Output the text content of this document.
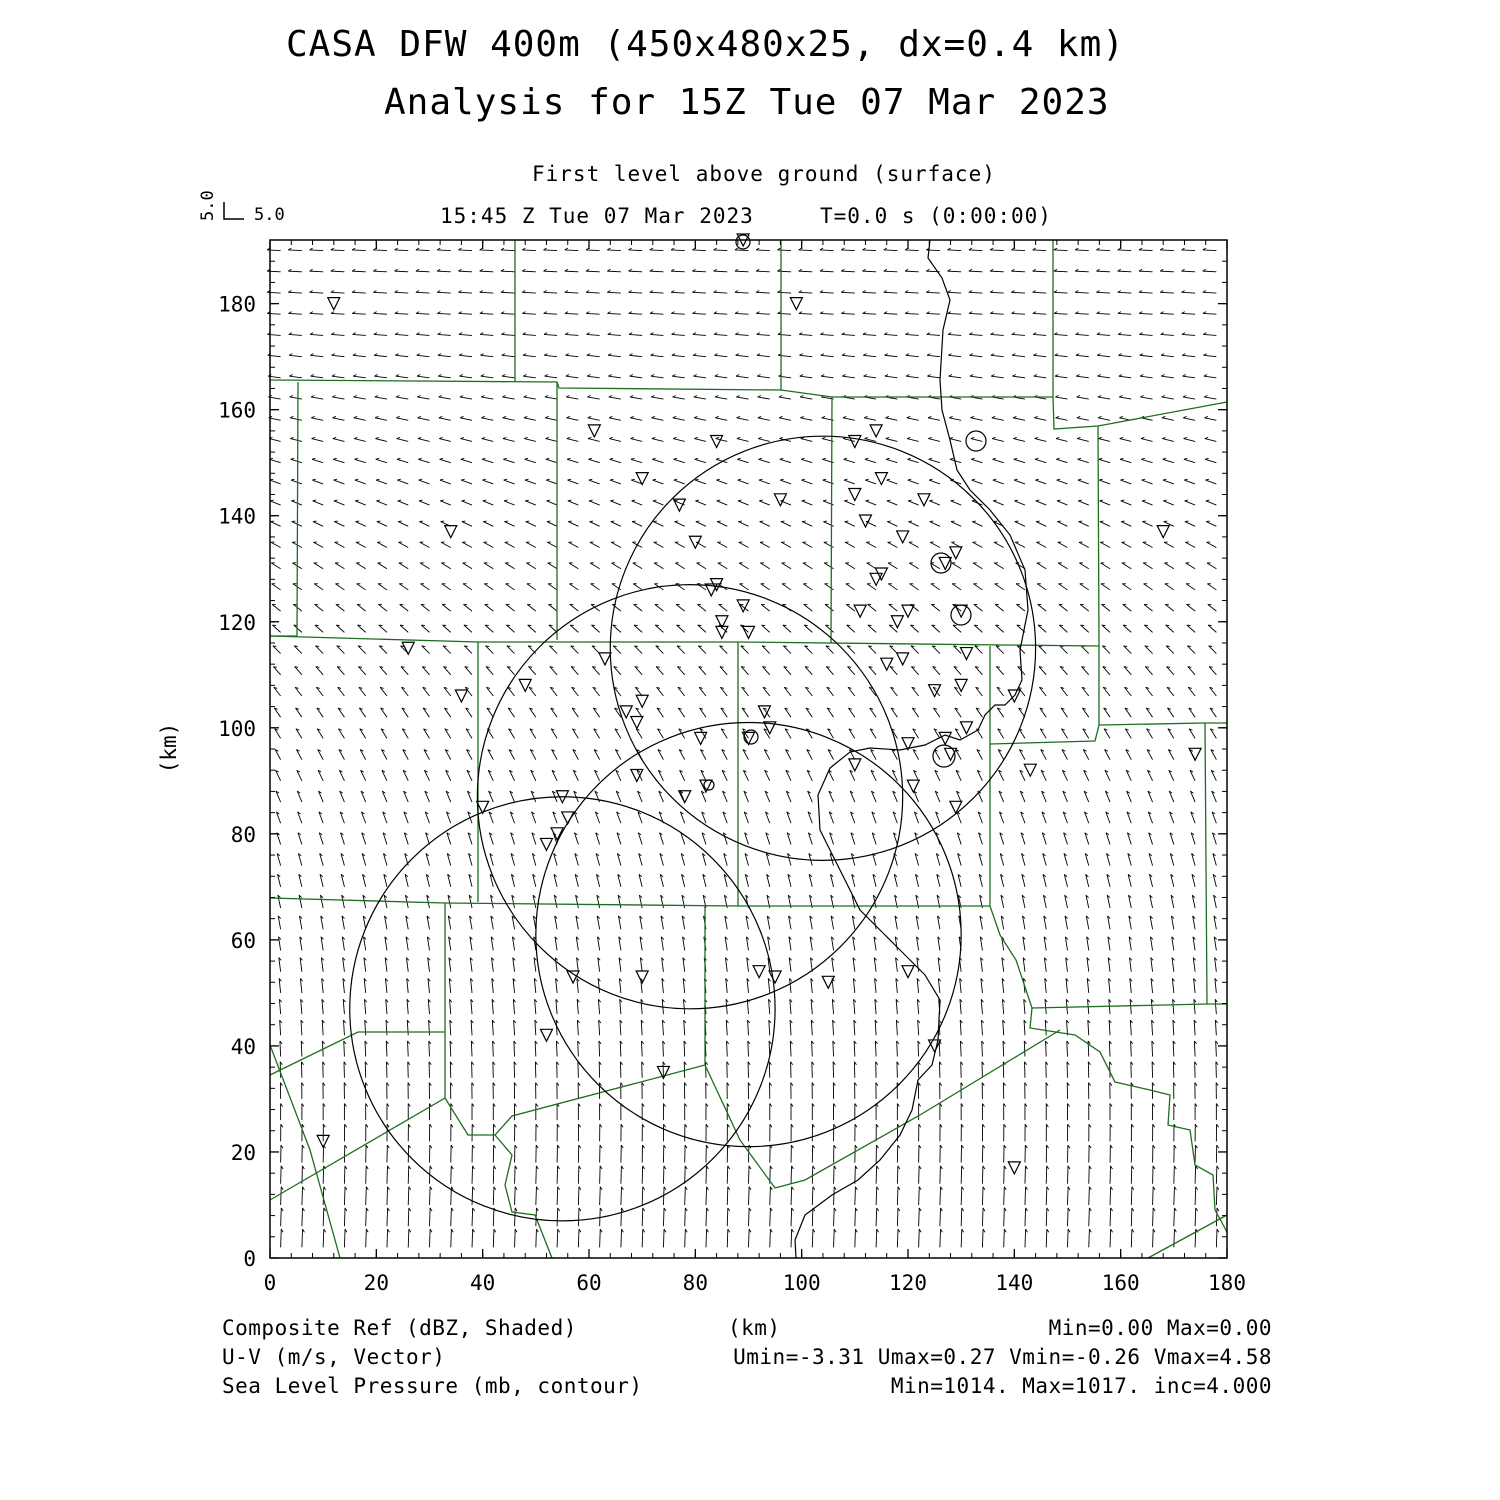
CASA DFW 400m (450x480x25, dx=0.4 km)
Analysis for 15Z Tue 07 Mar 2023
First level above ground (surface)
15:45 Z Tue 07 Mar 2023	T=0.0 s (0:00:00)
Composite Ref (dBZ, Shaded)	(km)	Min=0.00 Max=0.00
U-V (m/s, Vector)	Umin=-3.31 Umax=0.27 Vmin=-0.26 Vmax=4.58
Sea Level Pressure (mb, contour)	Min=1014. Max=1017. inc=4.000
0	20	40	60	80	100	120	140	160	180
0
20
40
60
80
100
120
140
160
180
5.0
5.0
(km)
